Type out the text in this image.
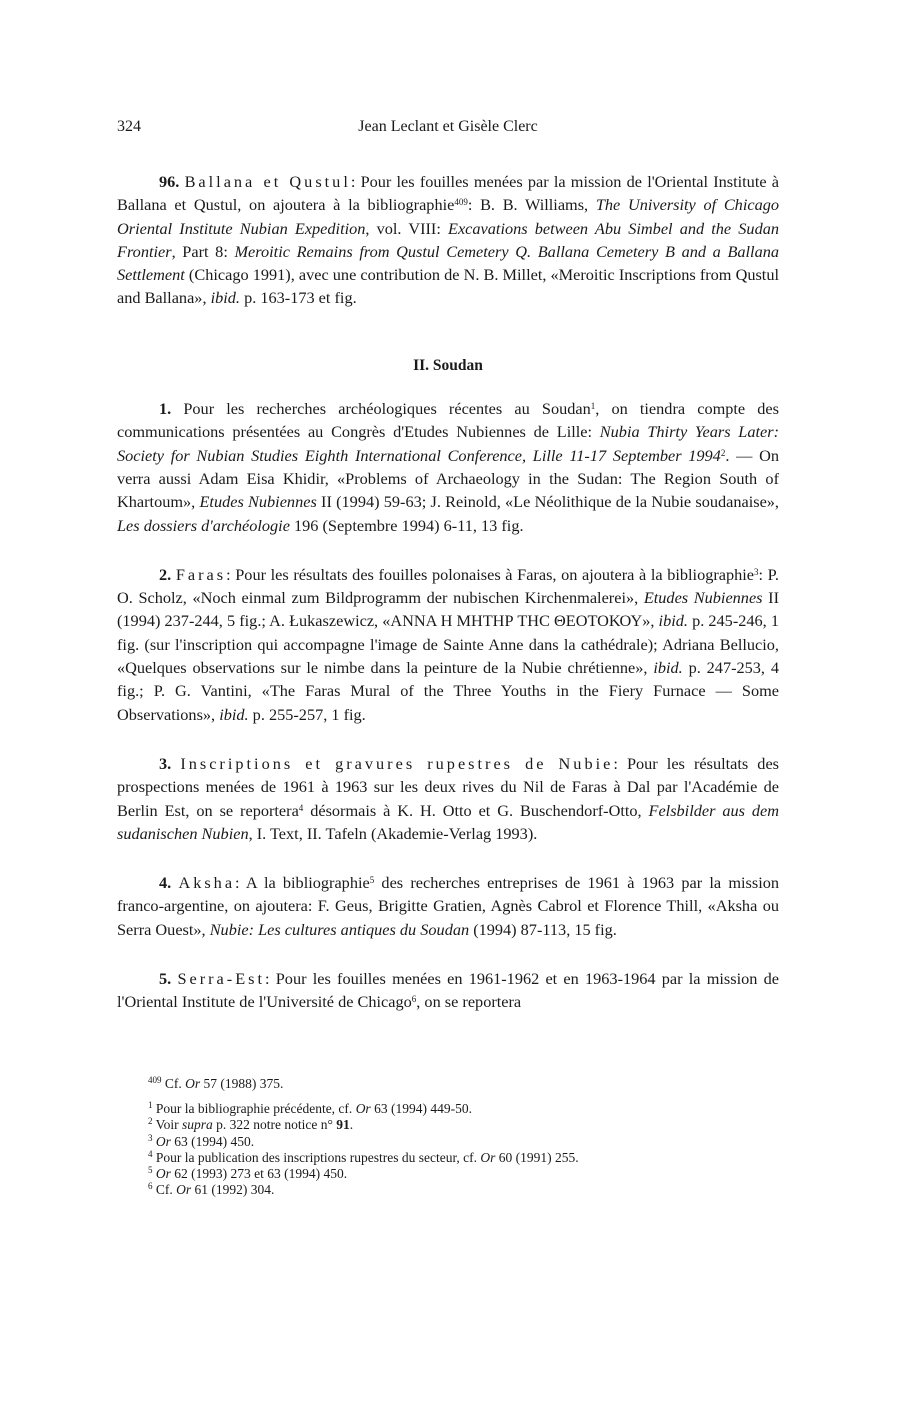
324	Jean Leclant et Gisèle Clerc

96. Ballana et Qustul: Pour les fouilles menées par la mission de l'Oriental Institute à Ballana et Qustul, on ajoutera à la bibliographie$^{409}$: B. B. Williams, The University of Chicago Oriental Institute Nubian Expedition, vol. VIII: Excavations between Abu Simbel and the Sudan Frontier, Part 8: Meroitic Remains from Qustul Cemetery Q. Ballana Cemetery B and a Ballana Settlement (Chicago 1991), avec une contribution de N. B. Millet, «Meroitic Inscriptions from Qustul and Ballana», ibid. p. 163-173 et fig.

II. Soudan

1. Pour les recherches archéologiques récentes au Soudan$^1$, on tiendra compte des communications présentées au Congrès d'Etudes Nubiennes de Lille: Nubia Thirty Years Later: Society for Nubian Studies Eighth International Conference, Lille 11-17 September 1994$^2$. — On verra aussi Adam Eisa Khidir, «Problems of Archaeology in the Sudan: The Region South of Khartoum», Etudes Nubiennes II (1994) 59-63; J. Reinold, «Le Néolithique de la Nubie soudanaise», Les dossiers d'archéologie 196 (Septembre 1994) 6-11, 13 fig.

2. Faras: Pour les résultats des fouilles polonaises à Faras, on ajoutera à la bibliographie$^3$: P. O. Scholz, «Noch einmal zum Bildprogramm der nubischen Kirchenmalerei», Etudes Nubiennes II (1994) 237-244, 5 fig.; A. Łukaszewicz, «ΑΝΝΑ Η ΜΗΤΗΡ ΤΗϹ ΘΕΟΤΟΚΟΥ», ibid. p. 245-246, 1 fig. (sur l'inscription qui accompagne l'image de Sainte Anne dans la cathédrale); Adriana Bellucio, «Quelques observations sur le nimbe dans la peinture de la Nubie chrétienne», ibid. p. 247-253, 4 fig.; P. G. Vantini, «The Faras Mural of the Three Youths in the Fiery Furnace — Some Observations», ibid. p. 255-257, 1 fig.

3. Inscriptions et gravures rupestres de Nubie: Pour les résultats des prospections menées de 1961 à 1963 sur les deux rives du Nil de Faras à Dal par l'Académie de Berlin Est, on se reportera$^4$ désormais à K. H. Otto et G. Buschendorf-Otto, Felsbilder aus dem sudanischen Nubien, I. Text, II. Tafeln (Akademie-Verlag 1993).

4. Aksha: A la bibliographie$^5$ des recherches entreprises de 1961 à 1963 par la mission franco-argentine, on ajoutera: F. Geus, Brigitte Gratien, Agnès Cabrol et Florence Thill, «Aksha ou Serra Ouest», Nubie: Les cultures antiques du Soudan (1994) 87-113, 15 fig.

5. Serra-Est: Pour les fouilles menées en 1961-1962 et en 1963-1964 par la mission de l'Oriental Institute de l'Université de Chicago$^6$, on se reportera

$^{409}$ Cf. Or 57 (1988) 375.

$^1$ Pour la bibliographie précédente, cf. Or 63 (1994) 449-50.

$^2$ Voir supra p. 322 notre notice n° 91.

$^3$ Or 63 (1994) 450.

$^4$ Pour la publication des inscriptions rupestres du secteur, cf. Or 60 (1991) 255.

$^5$ Or 62 (1993) 273 et 63 (1994) 450.

$^6$ Cf. Or 61 (1992) 304.
